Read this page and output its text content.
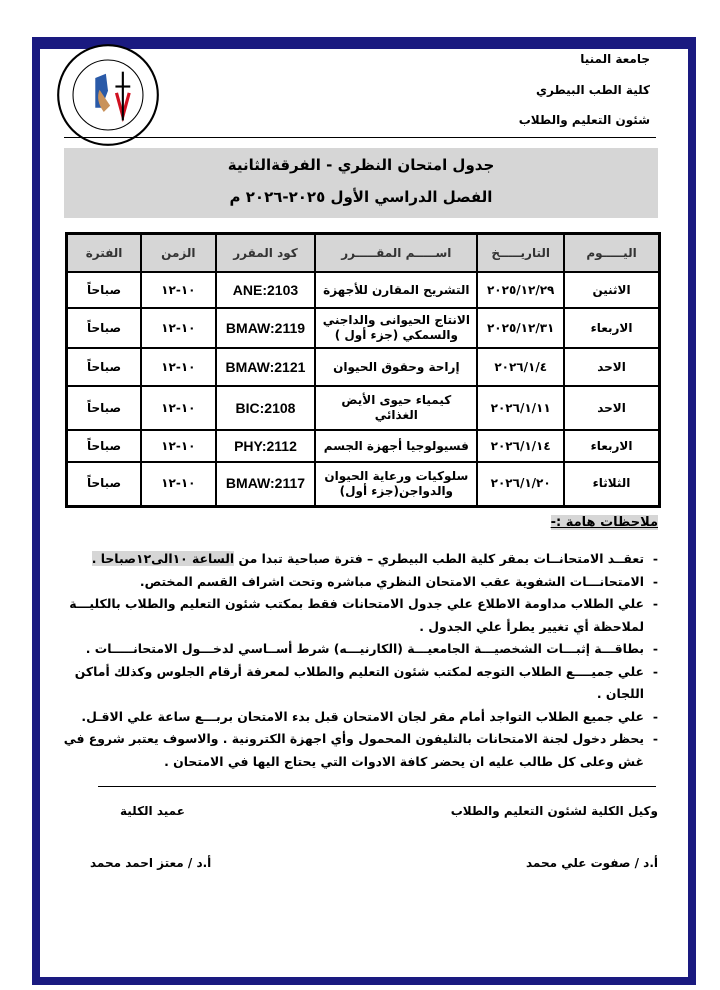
جامعة المنيا
كلية الطب البيطري
شئون التعليم والطلاب
جدول امتحان النظري - الفرقةالثانية
الفصل الدراسي الأول ٢٠٢٥-٢٠٢٦ م
اليـــــوم	التاريـــــخ	اســـــم المقـــــرر	كود المقرر	الزمن	الفترة
الاثنين	٢٠٢٥/١٢/٢٩	التشريح المقارن للأجهزة	ANE:2103	١٠-١٢	صباحاً
الاربعاء	٢٠٢٥/١٢/٣١	الانتاج الحيوانى والداجني والسمكي (جزء أول )	BMAW:2119	١٠-١٢	صباحاً
الاحد	٢٠٢٦/١/٤	إراحة وحقوق الحيوان	BMAW:2121	١٠-١٢	صباحاً
الاحد	٢٠٢٦/١/١١	كيمياء حيوى الأيض الغذائي	BIC:2108	١٠-١٢	صباحاً
الاربعاء	٢٠٢٦/١/١٤	فسيولوجيا أجهزة الجسم	PHY:2112	١٠-١٢	صباحاً
الثلاثاء	٢٠٢٦/١/٢٠	سلوكيات ورعاية الحيوان والدواجن(جزء أول)	BMAW:2117	١٠-١٢	صباحاً
ملاحظات هامة :-
- تعقــد الامتحانــات بمقر كلية الطب البيطري – فترة صباحية تبدا من الساعة ١٠الى١٢صباحا .
- الامتحانـــات الشفوية عقب الامتحان النظري مباشره وتحت اشراف القسم المختص.
- علي الطلاب مداومة الاطلاع علي جدول الامتحانات فقط بمكتب شئون التعليم والطلاب بالكليـــة لملاحظة أي تغيير يطرأ علي الجدول .
- بطاقـــة إثبـــات الشخصيـــة الجامعيـــة (الكارنيـــه) شرط أســاسي لدخـــول الامتحانـــــات .
- علي جميــــع الطلاب التوجه لمكتب شئون التعليم والطلاب لمعرفة أرقام الجلوس وكذلك أماكن اللجان .
- علي جميع الطلاب التواجد أمام مقر لجان الامتحان قبل بدء الامتحان بربـــع ساعة علي الاقـل.
- يحظر دخول لجنة الامتحانات بالتليفون المحمول وأي اجهزة الكترونية . والاسوف يعتبر شروع في غش وعلى كل طالب عليه ان يحضر كافة الادوات التي يحتاج اليها في الامتحان .
وكيل الكلية لشئون التعليم والطلاب
أ.د / صفوت علي محمد
عميد الكلية
أ.د / معتز احمد محمد
